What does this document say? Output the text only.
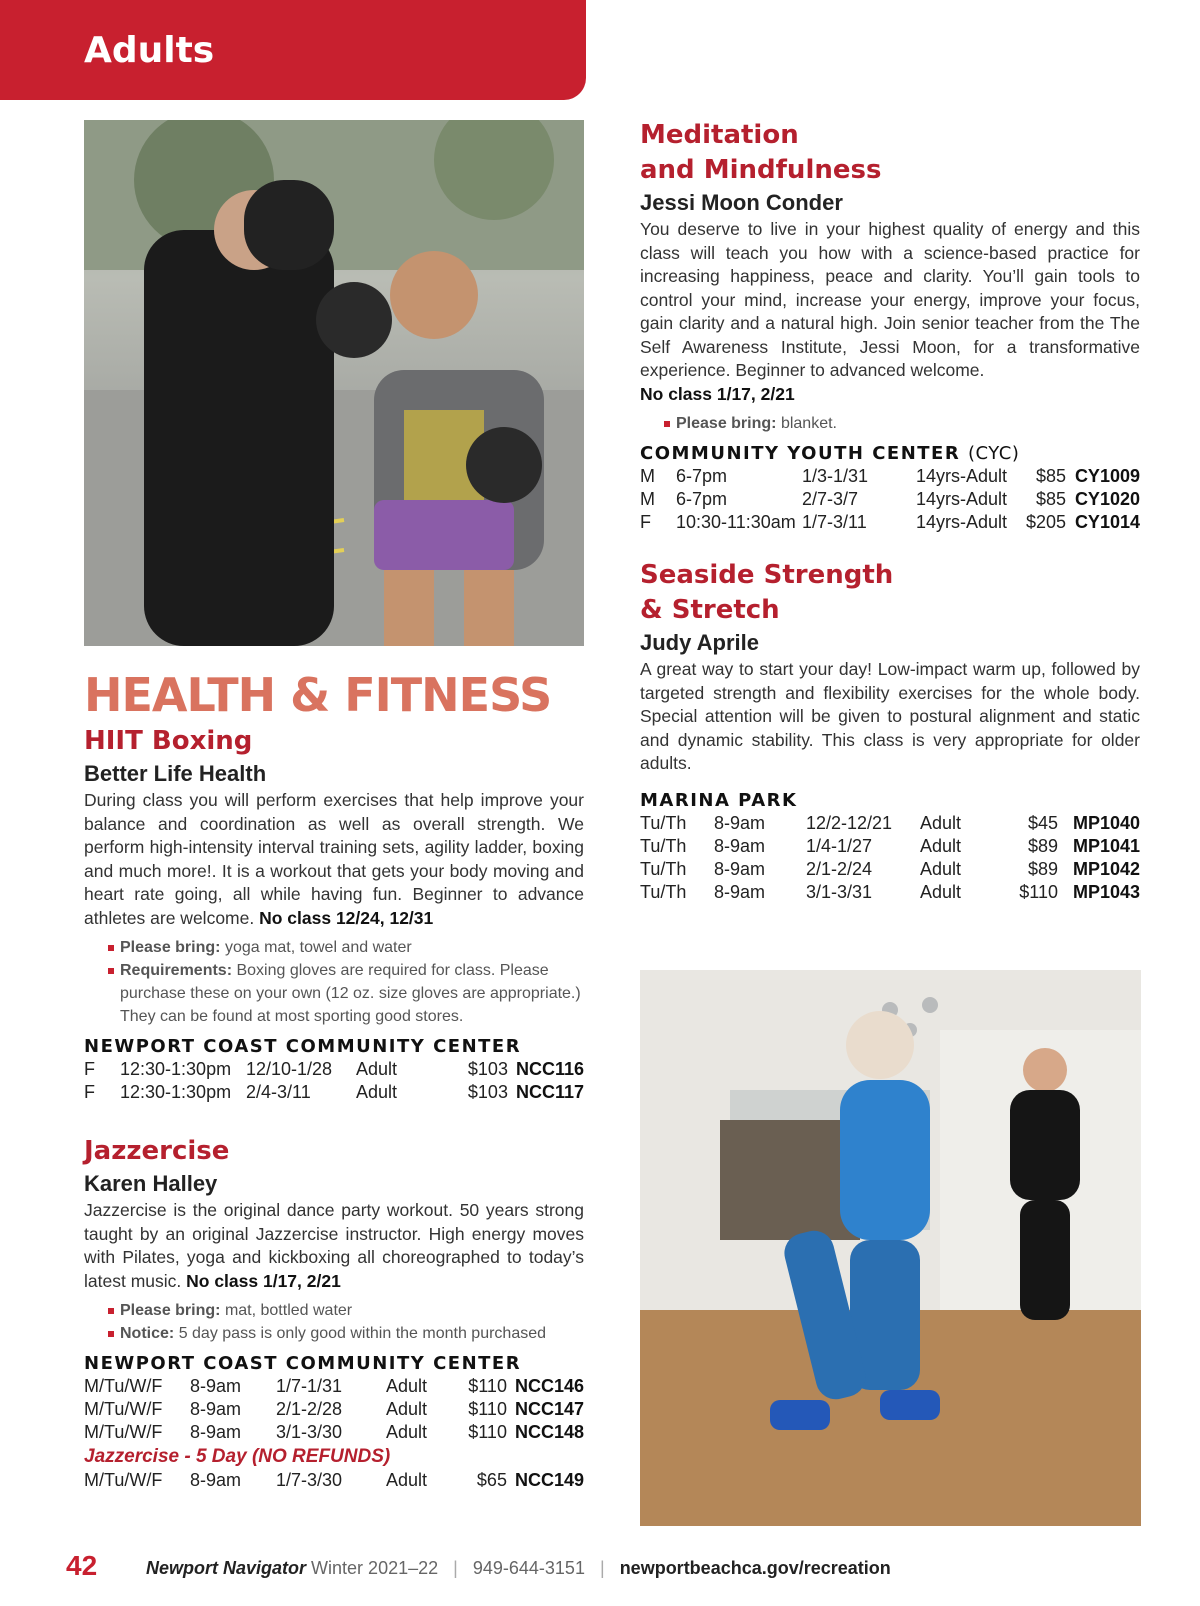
Adults
HEALTH & FITNESS
HIIT Boxing
Better Life Health

During class you will perform exercises that help improve your balance and coordination as well as overall strength. We perform high-intensity interval training sets, agility ladder, boxing and much more!. It is a workout that gets your body moving and heart rate going, all while having fun. Beginner to advance athletes are welcome. No class 12/24, 12/31

Please bring: yoga mat, towel and water
Requirements: Boxing gloves are required for class. Please purchase these on your own (12 oz. size gloves are appropriate.) They can be found at most sporting good stores.
NEWPORT COAST COMMUNITY CENTER
F	12:30-1:30pm	12/10-1/28	Adult	$103	NCC116
F	12:30-1:30pm	2/4-3/11	Adult	$103	NCC117
Jazzercise
Karen Halley

Jazzercise is the original dance party workout. 50 years strong taught by an original Jazzercise instructor. High energy moves with Pilates, yoga and kickboxing all choreographed to today’s latest music. No class 1/17, 2/21

Please bring: mat, bottled water
Notice: 5 day pass is only good within the month purchased
NEWPORT COAST COMMUNITY CENTER
M/Tu/W/F	8-9am	1/7-1/31	Adult	$110	NCC146
M/Tu/W/F	8-9am	2/1-2/28	Adult	$110	NCC147
M/Tu/W/F	8-9am	3/1-3/30	Adult	$110	NCC148
Jazzercise - 5 Day (NO REFUNDS)
M/Tu/W/F	8-9am	1/7-3/30	Adult	$65	NCC149
Meditation
and Mindfulness
Jessi Moon Conder

You deserve to live in your highest quality of energy and this class will teach you how with a science-based practice for increasing happiness, peace and clarity. You’ll gain tools to control your mind, increase your energy, improve your focus, gain clarity and a natural high. Join senior teacher from the The Self Awareness Institute, Jessi Moon, for a transformative experience. Beginner to advanced welcome.

No class 1/17, 2/21

Please bring: blanket.
COMMUNITY YOUTH CENTER (CYC)
M	6-7pm	1/3-1/31	14yrs-Adult	$85	CY1009
M	6-7pm	2/7-3/7	14yrs-Adult	$85	CY1020
F	10:30-11:30am	1/7-3/11	14yrs-Adult	$205	CY1014
Seaside Strength
& Stretch
Judy Aprile

A great way to start your day! Low-impact warm up, followed by targeted strength and flexibility exercises for the whole body. Special attention will be given to postural alignment and static and dynamic stability. This class is very appropriate for older adults.

MARINA PARK
Tu/Th	8-9am	12/2-12/21	Adult	$45	MP1040
Tu/Th	8-9am	1/4-1/27	Adult	$89	MP1041
Tu/Th	8-9am	2/1-2/24	Adult	$89	MP1042
Tu/Th	8-9am	3/1-3/31	Adult	$110	MP1043
42	Newport Navigator Winter 2021–22 | 949-644-3151 | newportbeachca.gov/recreation
